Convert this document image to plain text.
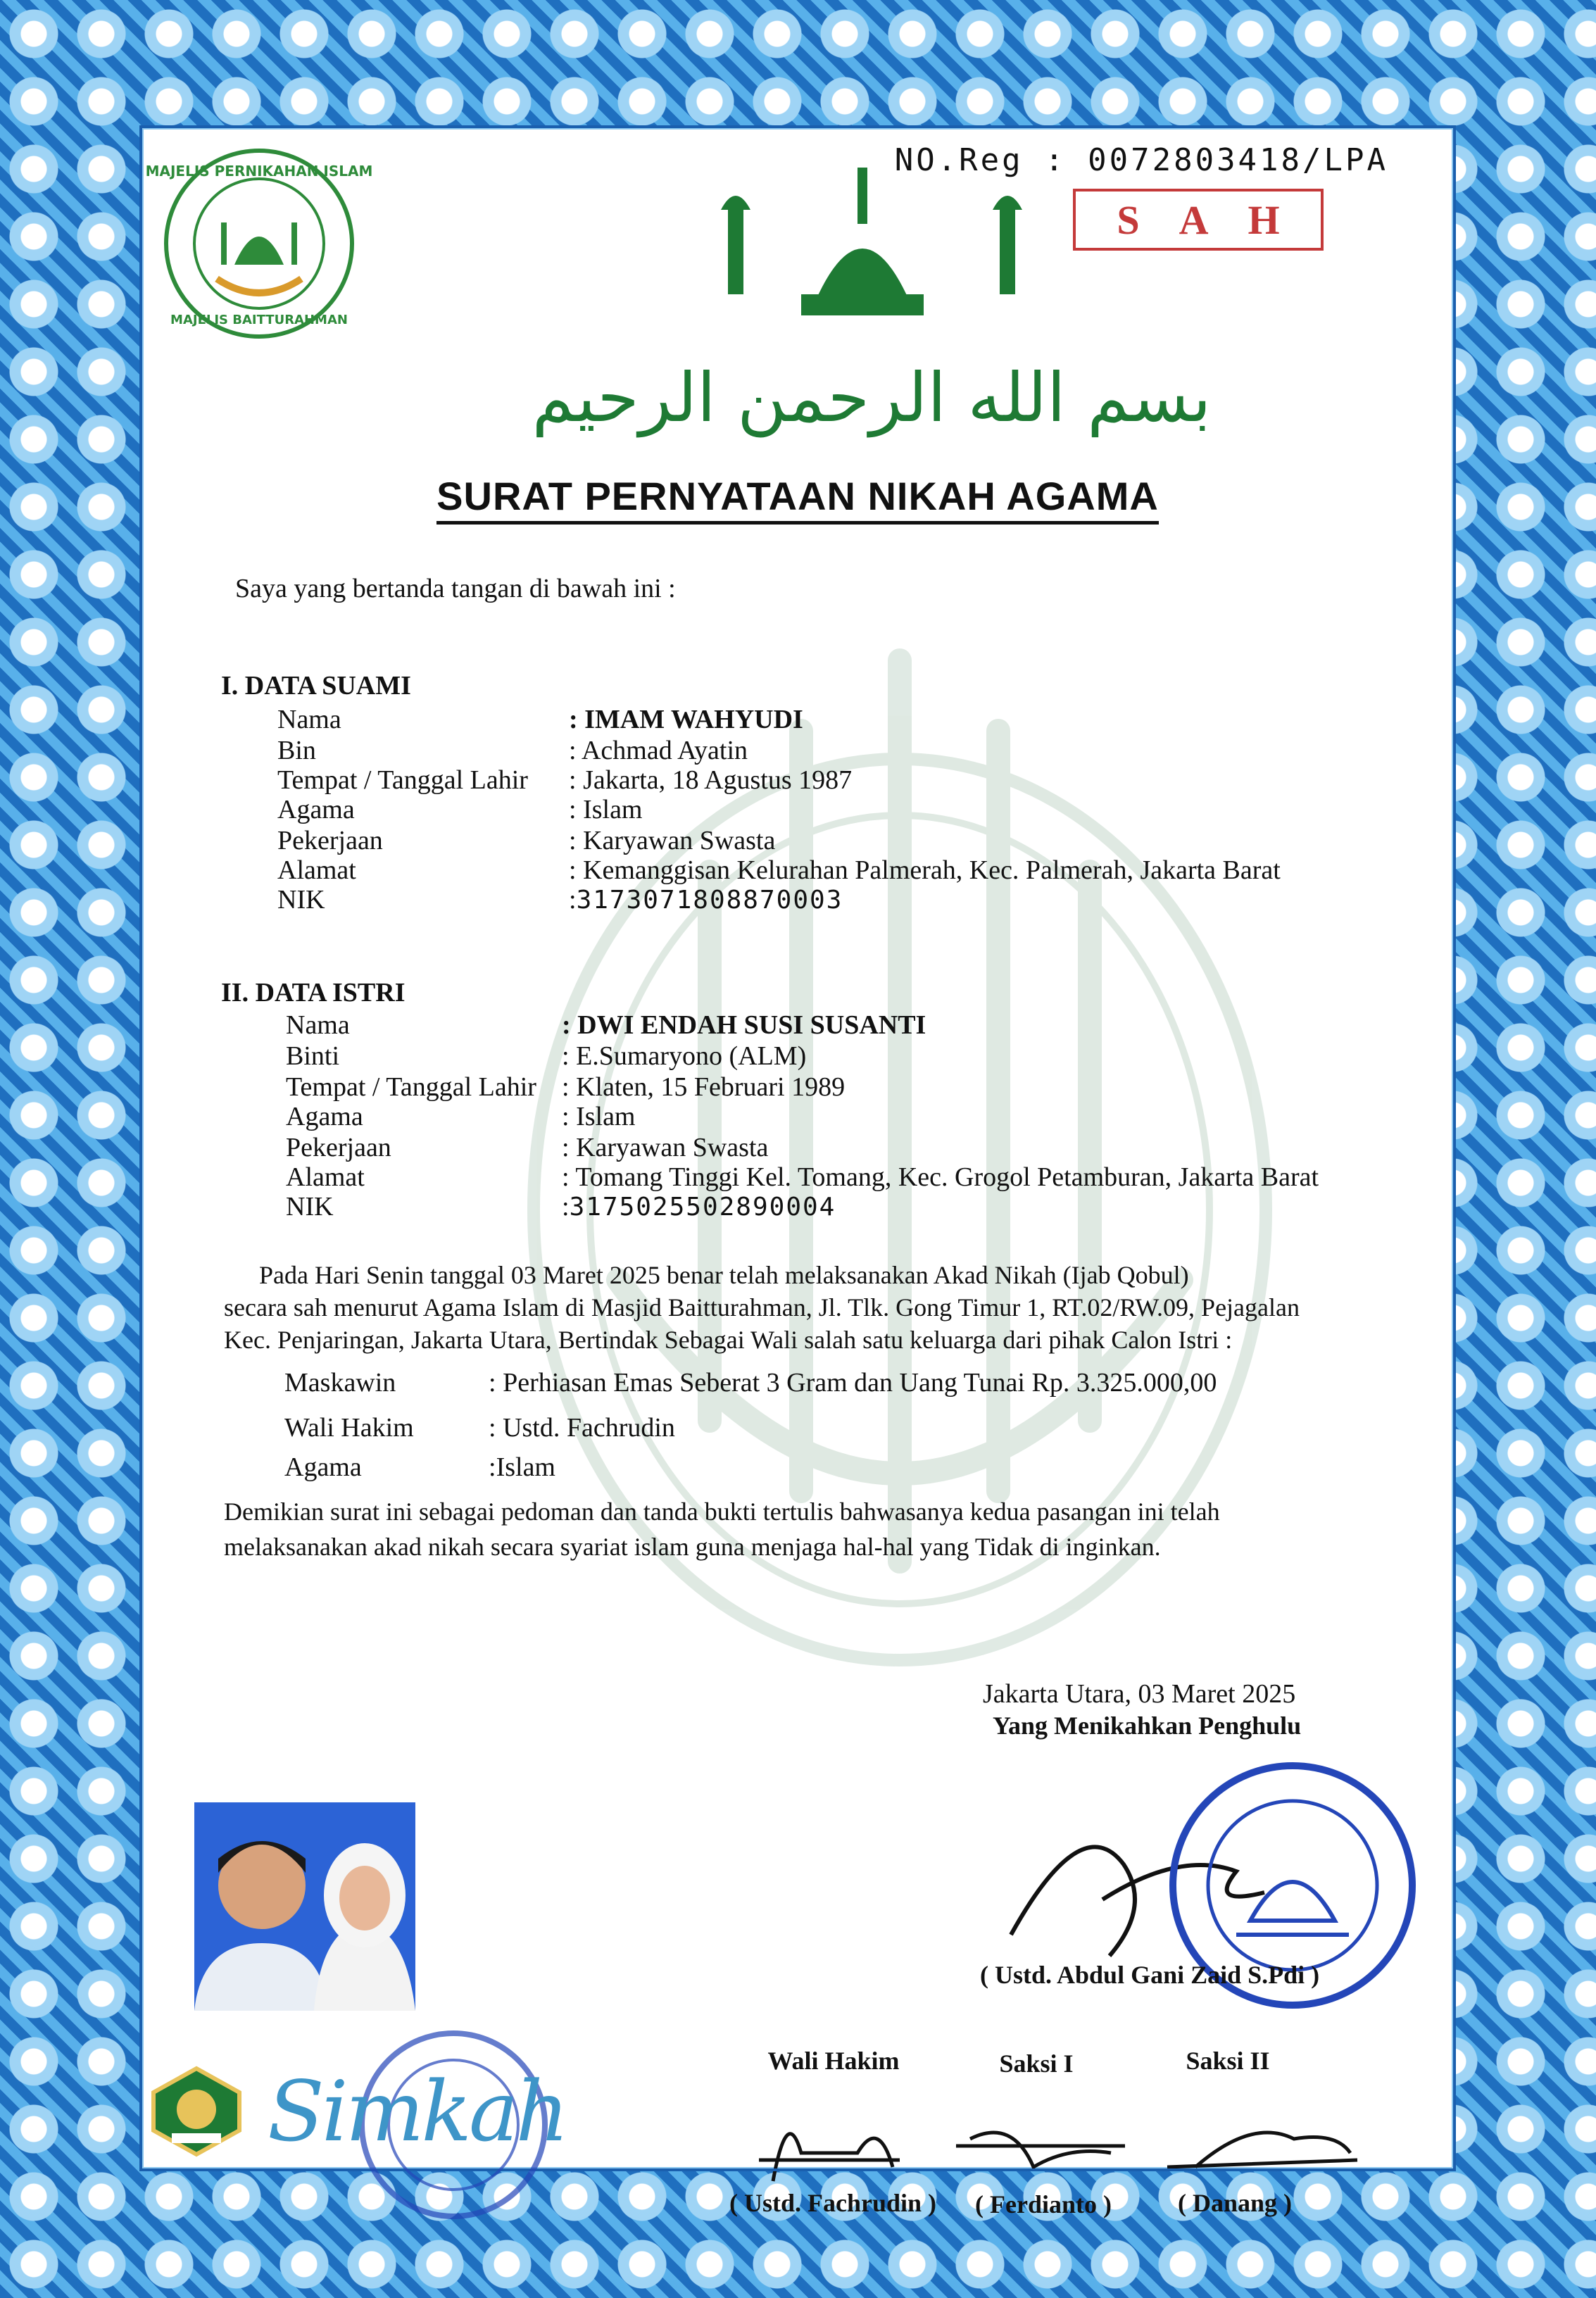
MAJELIS PERNIKAHAN ISLAM
MAJELIS BAITTURAHMAN
بسم الله الرحمن الرحيم
NO.Reg : 0072803418/LPA
SAH
SURAT PERNYATAAN NIKAH AGAMA
Saya yang bertanda tangan di bawah ini :
I. DATA SUAMI
Nama	: IMAM WAHYUDI
Bin	: Achmad Ayatin
Tempat / Tanggal Lahir : Jakarta, 18 Agustus 1987
Agama	: Islam
Pekerjaan	: Karyawan Swasta
Alamat	: Kemanggisan Kelurahan Palmerah, Kec. Palmerah, Jakarta Barat
NIK	:3173071808870003
II. DATA ISTRI
Nama	: DWI ENDAH SUSI SUSANTI
Binti	: E.Sumaryono (ALM)
Tempat / Tanggal Lahir : Klaten, 15 Februari 1989
Agama	: Islam
Pekerjaan	: Karyawan Swasta
Alamat	: Tomang Tinggi Kel. Tomang, Kec. Grogol Petamburan, Jakarta Barat
NIK	:3175025502890004
Pada Hari Senin tanggal 03 Maret 2025 benar telah melaksanakan Akad Nikah (Ijab Qobul)
secara sah menurut Agama Islam di Masjid Baitturahman, Jl. Tlk. Gong Timur 1, RT.02/RW.09, Pejagalan
Kec. Penjaringan, Jakarta Utara, Bertindak Sebagai Wali salah satu keluarga dari pihak Calon Istri :
Maskawin	: Perhiasan Emas Seberat 3 Gram dan Uang Tunai Rp. 3.325.000,00
Wali Hakim	: Ustd. Fachrudin
Agama	:Islam
Demikian surat ini sebagai pedoman dan tanda bukti tertulis bahwasanya kedua pasangan ini telah
melaksanakan akad nikah secara syariat islam guna menjaga hal-hal yang Tidak di inginkan.
Jakarta Utara, 03 Maret 2025
Yang Menikahkan Penghulu
( Ustd. Abdul Gani Zaid S.Pdi )
Wali Hakim	Saksi I	Saksi II
( Ustd. Fachrudin )	( Ferdianto )	( Danang )
Simkah
